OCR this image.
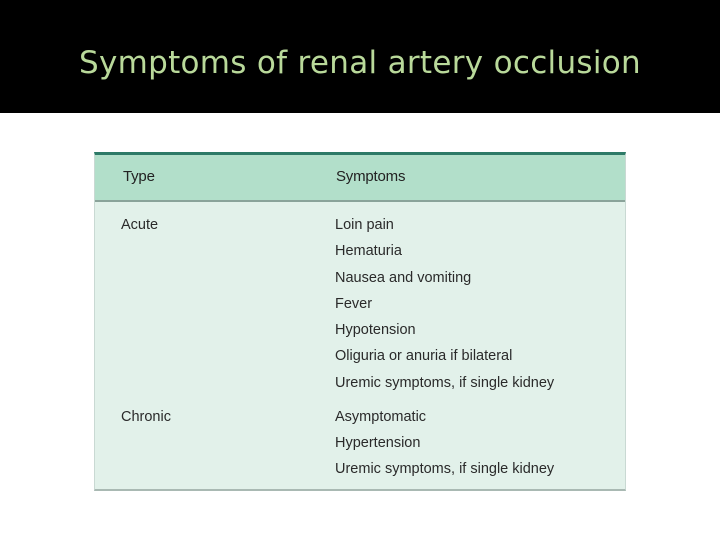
Symptoms of renal artery occlusion
Type	Symptoms
Acute	Loin pain
Hematuria
Nausea and vomiting
Fever
Hypotension
Oliguria or anuria if bilateral
Uremic symptoms, if single kidney
Chronic	Asymptomatic
Hypertension
Uremic symptoms, if single kidney
